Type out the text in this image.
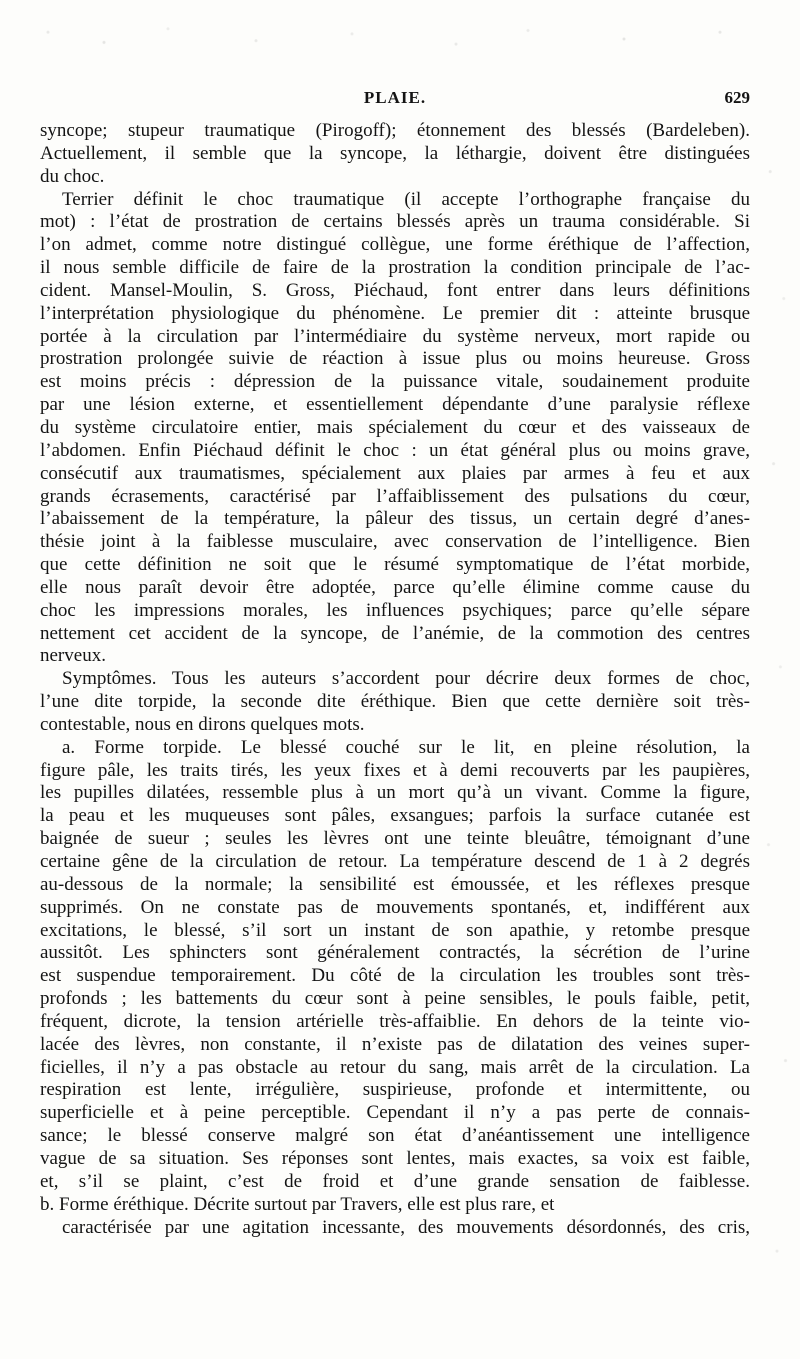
PLAIE.	629
syncope; stupeur traumatique (Pirogoff); étonnement des blessés (Bardeleben).
Actuellement, il semble que la syncope, la léthargie, doivent être distinguées
du choc.
Terrier définit le choc traumatique (il accepte l’orthographe française du
mot) : l’état de prostration de certains blessés après un trauma considérable. Si
l’on admet, comme notre distingué collègue, une forme éréthique de l’affection,
il nous semble difficile de faire de la prostration la condition principale de l’ac-
cident. Mansel-Moulin, S. Gross, Piéchaud, font entrer dans leurs définitions
l’interprétation physiologique du phénomène. Le premier dit : atteinte brusque
portée à la circulation par l’intermédiaire du système nerveux, mort rapide ou
prostration prolongée suivie de réaction à issue plus ou moins heureuse. Gross
est moins précis : dépression de la puissance vitale, soudainement produite
par une lésion externe, et essentiellement dépendante d’une paralysie réflexe
du système circulatoire entier, mais spécialement du cœur et des vaisseaux de
l’abdomen. Enfin Piéchaud définit le choc : un état général plus ou moins grave,
consécutif aux traumatismes, spécialement aux plaies par armes à feu et aux
grands écrasements, caractérisé par l’affaiblissement des pulsations du cœur,
l’abaissement de la température, la pâleur des tissus, un certain degré d’anes-
thésie joint à la faiblesse musculaire, avec conservation de l’intelligence. Bien
que cette définition ne soit que le résumé symptomatique de l’état morbide,
elle nous paraît devoir être adoptée, parce qu’elle élimine comme cause du
choc les impressions morales, les influences psychiques; parce qu’elle sépare
nettement cet accident de la syncope, de l’anémie, de la commotion des centres
nerveux.
Symptômes. Tous les auteurs s’accordent pour décrire deux formes de choc,
l’une dite torpide, la seconde dite éréthique. Bien que cette dernière soit très-
contestable, nous en dirons quelques mots.
a. Forme torpide. Le blessé couché sur le lit, en pleine résolution, la
figure pâle, les traits tirés, les yeux fixes et à demi recouverts par les paupières,
les pupilles dilatées, ressemble plus à un mort qu’à un vivant. Comme la figure,
la peau et les muqueuses sont pâles, exsangues; parfois la surface cutanée est
baignée de sueur ; seules les lèvres ont une teinte bleuâtre, témoignant d’une
certaine gêne de la circulation de retour. La température descend de 1 à 2 degrés
au-dessous de la normale; la sensibilité est émoussée, et les réflexes presque
supprimés. On ne constate pas de mouvements spontanés, et, indifférent aux
excitations, le blessé, s’il sort un instant de son apathie, y retombe presque
aussitôt. Les sphincters sont généralement contractés, la sécrétion de l’urine
est suspendue temporairement. Du côté de la circulation les troubles sont très-
profonds ; les battements du cœur sont à peine sensibles, le pouls faible, petit,
fréquent, dicrote, la tension artérielle très-affaiblie. En dehors de la teinte vio-
lacée des lèvres, non constante, il n’existe pas de dilatation des veines super-
ficielles, il n’y a pas obstacle au retour du sang, mais arrêt de la circulation. La
respiration est lente, irrégulière, suspirieuse, profonde et intermittente, ou
superficielle et à peine perceptible. Cependant il n’y a pas perte de connais-
sance; le blessé conserve malgré son état d’anéantissement une intelligence
vague de sa situation. Ses réponses sont lentes, mais exactes, sa voix est faible,
et, s’il se plaint, c’est de froid et d’une grande sensation de faiblesse.
b. Forme éréthique. Décrite surtout par Travers, elle est plus rare, et
caractérisée par une agitation incessante, des mouvements désordonnés, des cris,
